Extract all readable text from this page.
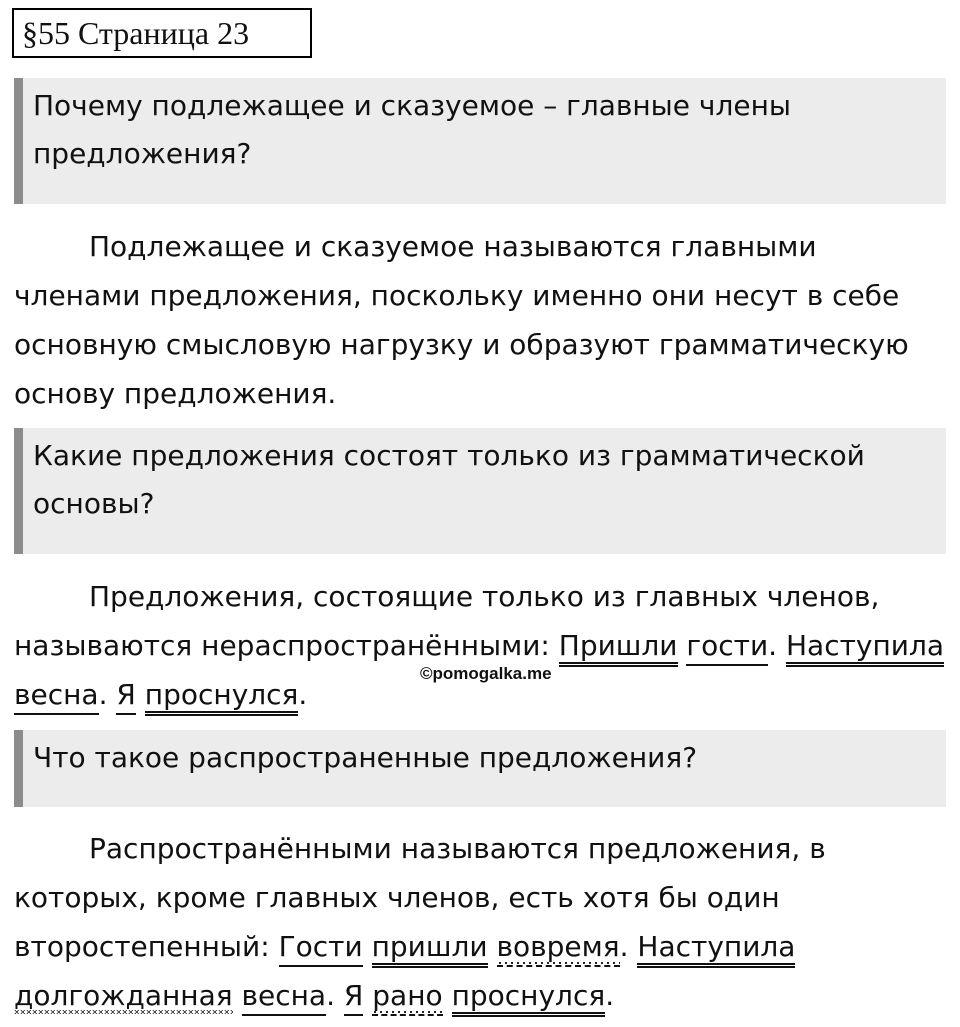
§55 Страница 23
Почему подлежащее и сказуемое – главные члены предложения?
Подлежащее и сказуемое называются главными членами предложения, поскольку именно они несут в себе основную смысловую нагрузку и образуют грамматическую основу предложения.
Какие предложения состоят только из грамматической основы?
Предложения, состоящие только из главных членов, называются нераспространёнными: Пришли гости. Наступила весна. Я проснулся.
©pomogalka.me
Что такое распространенные предложения?
Распространёнными называются предложения, в которых, кроме главных членов, есть хотя бы один второстепенный: Гости пришли вовремя. Наступила долгожданная весна. Я рано проснулся.
